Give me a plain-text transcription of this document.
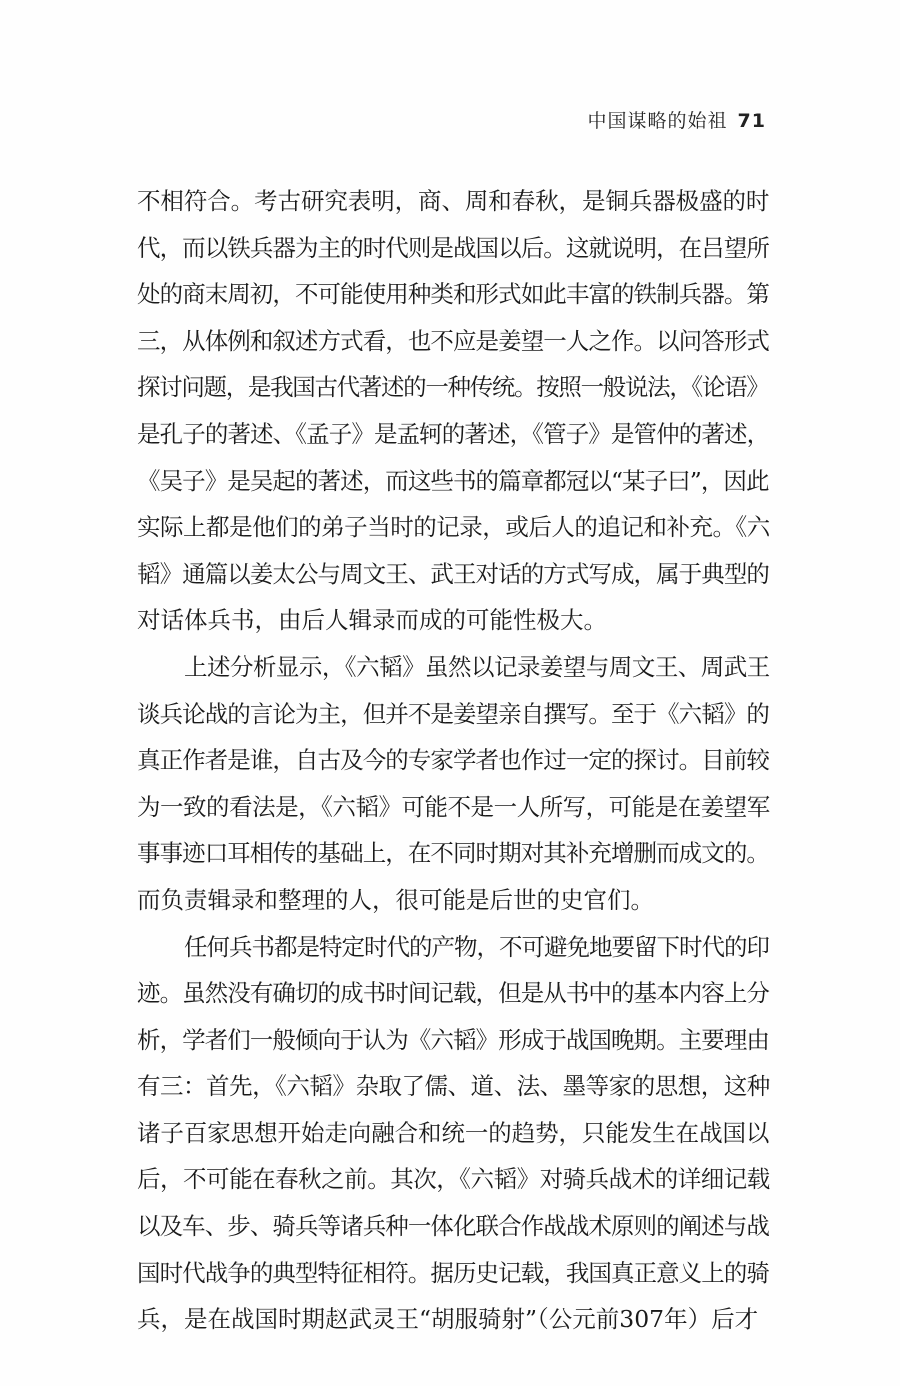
中国谋略的始祖 71
不相符合。考古研究表明，商、周和春秋，是铜兵器极盛的时
代，而以铁兵器为主的时代则是战国以后。这就说明，在吕望所
处的商末周初，不可能使用种类和形式如此丰富的铁制兵器。第
三，从体例和叙述方式看，也不应是姜望一人之作。以问答形式
探讨问题，是我国古代著述的一种传统。按照一般说法，《论语》
是孔子的著述、《孟子》是孟轲的著述，《管子》是管仲的著述，
《吴子》是吴起的著述，而这些书的篇章都冠以“某子曰”，因此
实际上都是他们的弟子当时的记录，或后人的追记和补充。《六
韬》通篇以姜太公与周文王、武王对话的方式写成，属于典型的
对话体兵书，由后人辑录而成的可能性极大。
上述分析显示，《六韬》虽然以记录姜望与周文王、周武王
谈兵论战的言论为主，但并不是姜望亲自撰写。至于《六韬》的
真正作者是谁，自古及今的专家学者也作过一定的探讨。目前较
为一致的看法是，《六韬》可能不是一人所写，可能是在姜望军
事事迹口耳相传的基础上，在不同时期对其补充增删而成文的。
而负责辑录和整理的人，很可能是后世的史官们。
任何兵书都是特定时代的产物，不可避免地要留下时代的印
迹。虽然没有确切的成书时间记载，但是从书中的基本内容上分
析，学者们一般倾向于认为《六韬》形成于战国晚期。主要理由
有三：首先，《六韬》杂取了儒、道、法、墨等家的思想，这种
诸子百家思想开始走向融合和统一的趋势，只能发生在战国以
后，不可能在春秋之前。其次，《六韬》对骑兵战术的详细记载
以及车、步、骑兵等诸兵种一体化联合作战战术原则的阐述与战
国时代战争的典型特征相符。据历史记载，我国真正意义上的骑
兵，是在战国时期赵武灵王“胡服骑射”（公元前307年）后才
